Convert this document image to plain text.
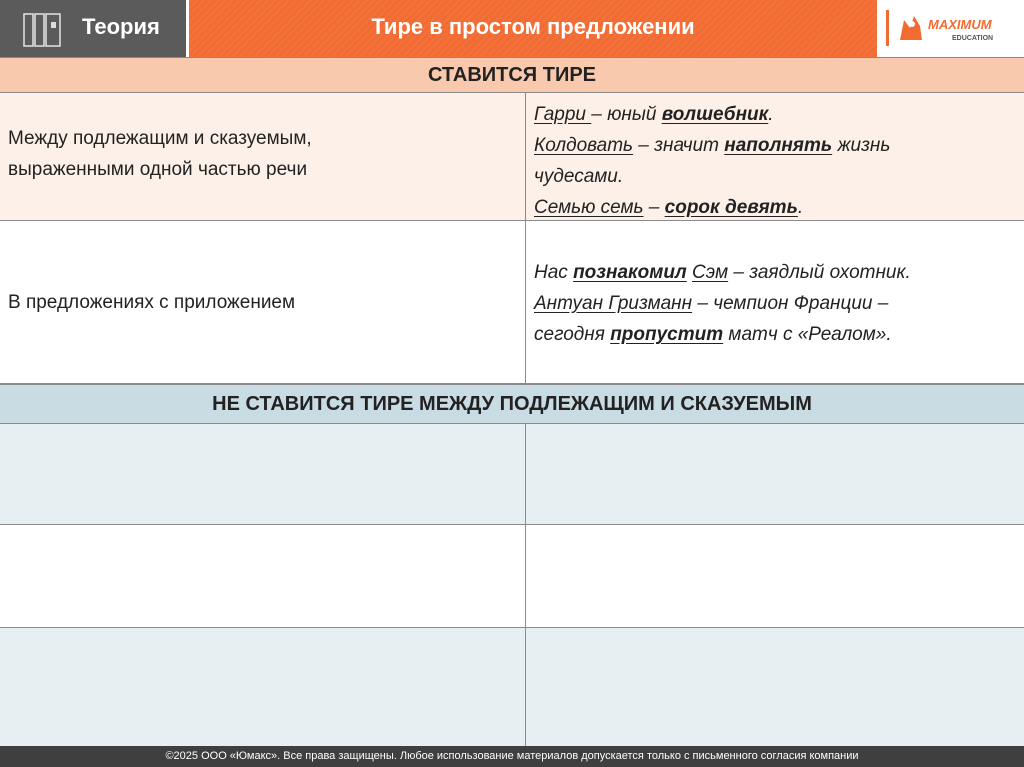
Теория	Тире в простом предложении	MAXIMUM
EDUCATION
СТАВИТСЯ ТИРЕ
Между подлежащим и сказуемым,
выраженными одной частью речи
Гарри – юный волшебник.
Колдовать – значит наполнять жизнь
чудесами.
Семью семь – сорок девять.
В предложениях с приложением
Нас познакомил Сэм – заядлый охотник.
Антуан Гризманн – чемпион Франции –
сегодня пропустит матч с «Реалом».
НЕ СТАВИТСЯ ТИРЕ МЕЖДУ ПОДЛЕЖАЩИМ И СКАЗУЕМЫМ
©2025 ООО «Юмакс». Все права защищены. Любое использование материалов допускается только с письменного согласия компании
